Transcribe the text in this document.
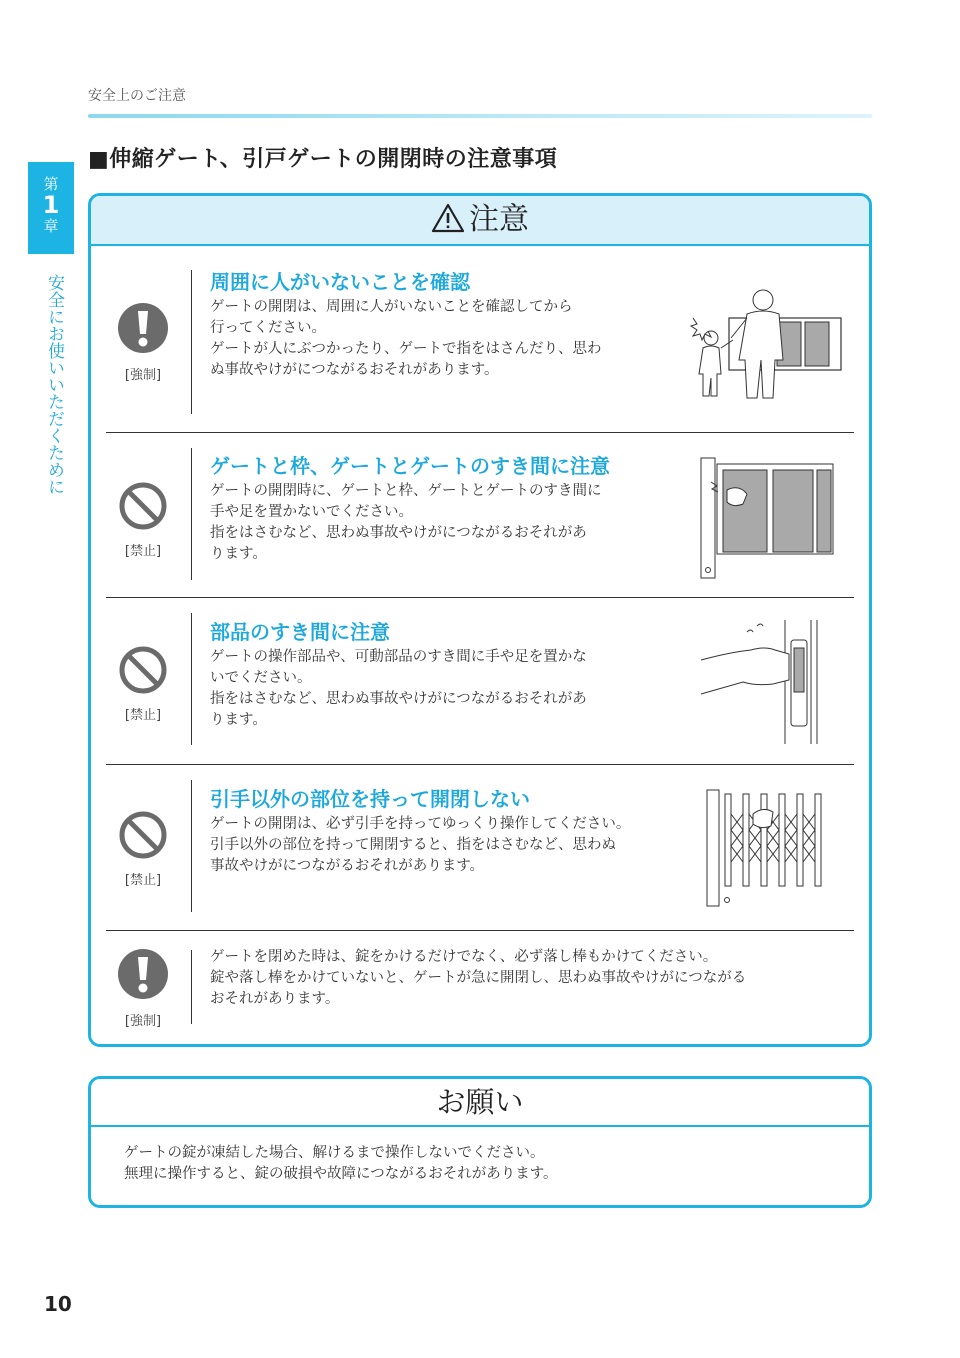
安全上のご注意
■伸縮ゲート、引戸ゲートの開閉時の注意事項
第
1
章
安全にお使いいただくために
注意
[強制]
周囲に人がいないことを確認
ゲートの開閉は、周囲に人がいないことを確認してから
行ってください。
ゲートが人にぶつかったり、ゲートで指をはさんだり、思わ
ぬ事故やけがにつながるおそれがあります。
[禁止]
ゲートと枠、ゲートとゲートのすき間に注意
ゲートの開閉時に、ゲートと枠、ゲートとゲートのすき間に
手や足を置かないでください。
指をはさむなど、思わぬ事故やけがにつながるおそれがあ
ります。
[禁止]
部品のすき間に注意
ゲートの操作部品や、可動部品のすき間に手や足を置かな
いでください。
指をはさむなど、思わぬ事故やけがにつながるおそれがあ
ります。
[禁止]
引手以外の部位を持って開閉しない
ゲートの開閉は、必ず引手を持ってゆっくり操作してください。
引手以外の部位を持って開閉すると、指をはさむなど、思わぬ
事故やけがにつながるおそれがあります。
[強制]
ゲートを閉めた時は、錠をかけるだけでなく、必ず落し棒もかけてください。
錠や落し棒をかけていないと、ゲートが急に開閉し、思わぬ事故やけがにつながる
おそれがあります。
お願い
ゲートの錠が凍結した場合、解けるまで操作しないでください。
無理に操作すると、錠の破損や故障につながるおそれがあります。
10
